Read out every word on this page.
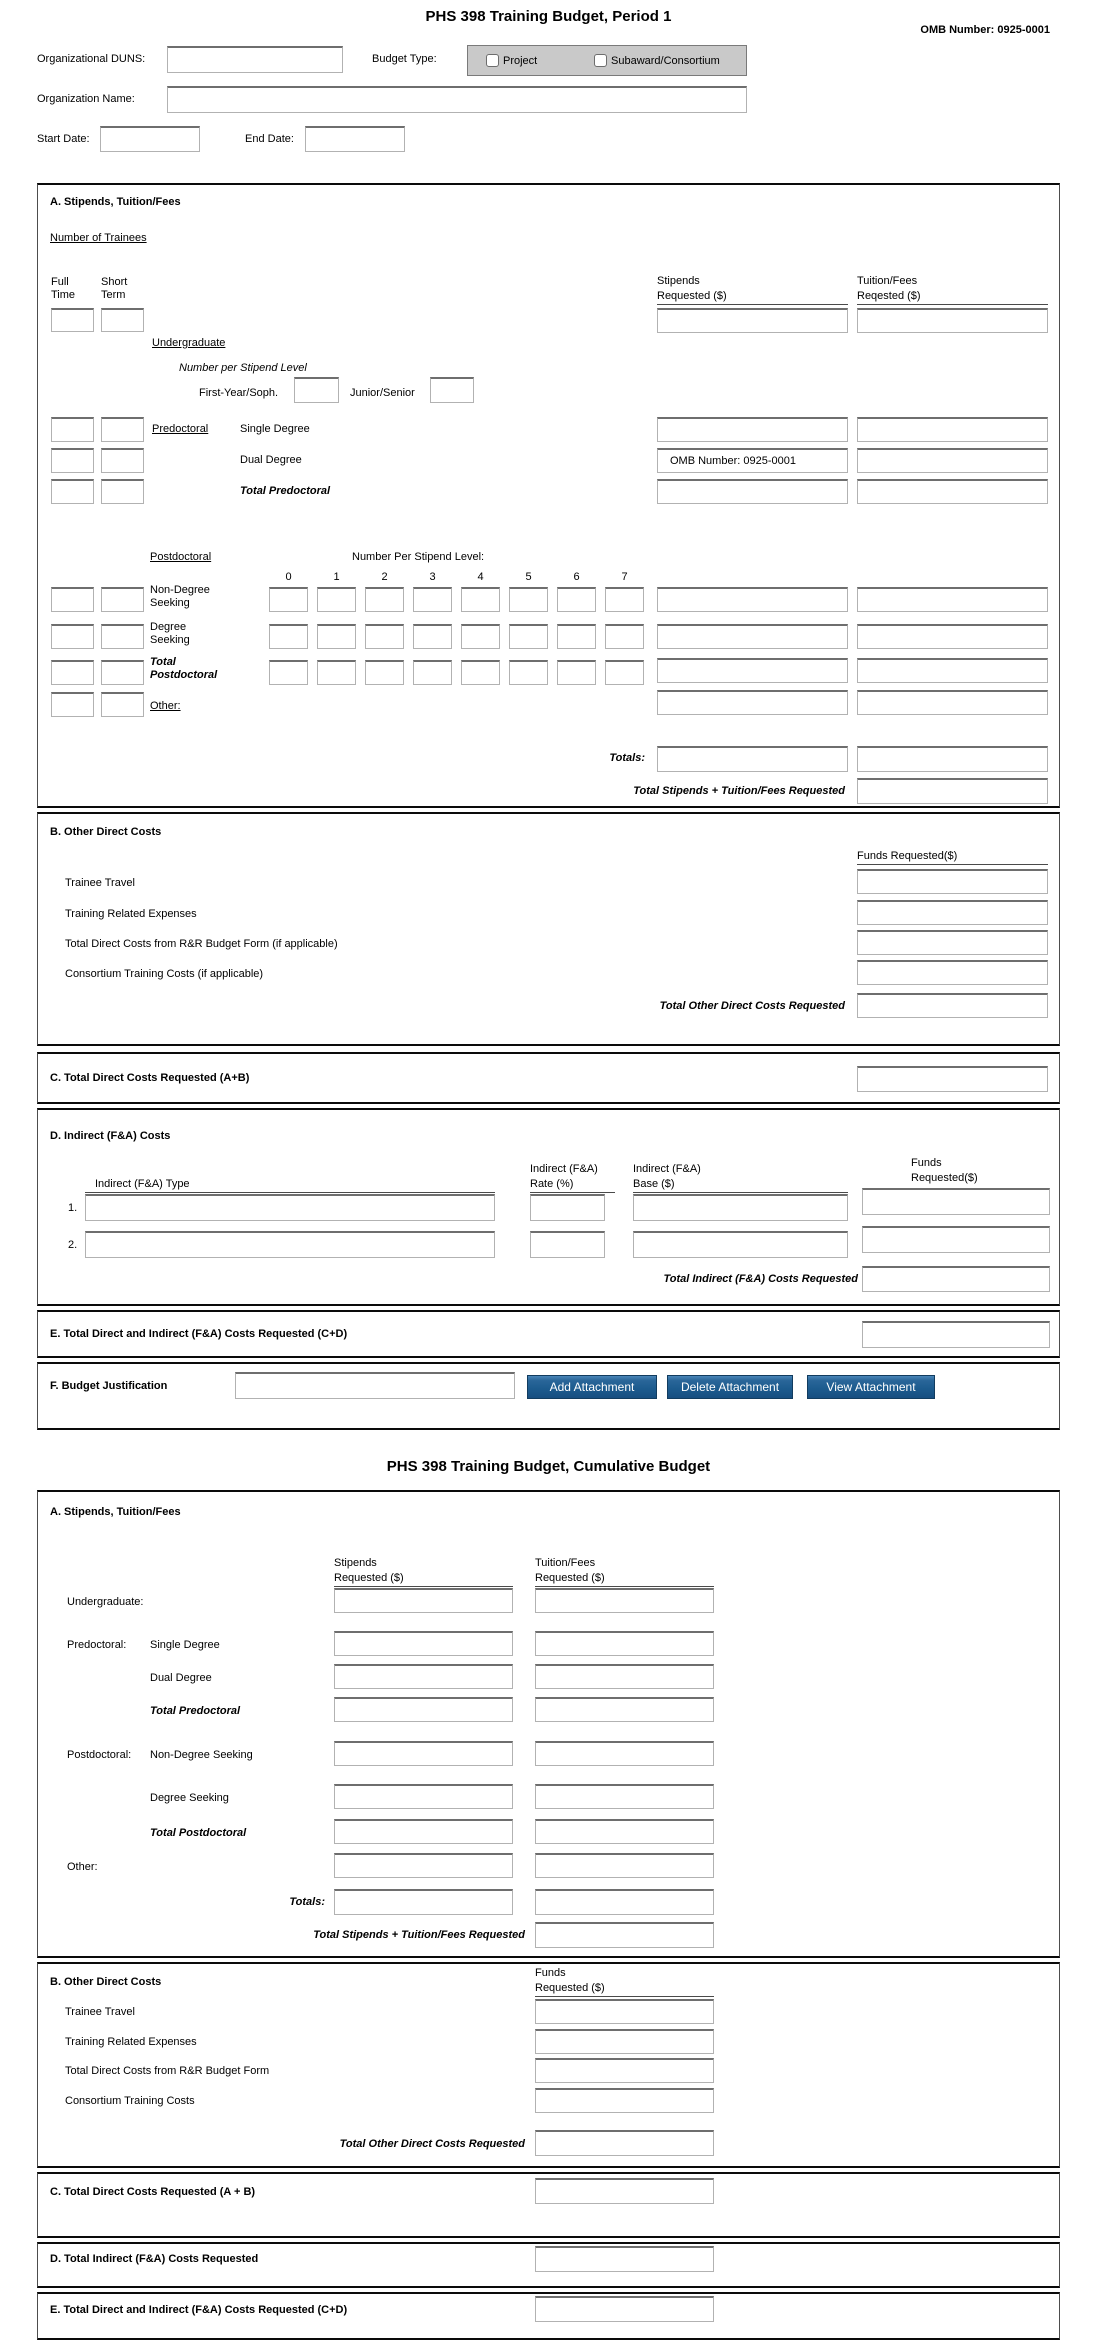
PHS 398 Training Budget, Period 1
OMB Number: 0925-0001
Organizational DUNS:	Budget Type:	Project	Subaward/Consortium
Organization Name:
Start Date:	End Date:
A. Stipends, Tuition/Fees
Number of Trainees
Full Time
Short Term
Stipends
Requested ($)
Tuition/Fees
Reqested ($)
Undergraduate
Number per Stipend Level
First-Year/Soph.	Junior/Senior
Predoctoral	Single Degree
Dual Degree	OMB Number: 0925-0001
Total Predoctoral
Postdoctoral	Number Per Stipend Level:
0	1	2	3	4	5	6	7
Non-Degree Seeking
Degree Seeking
Total Postdoctoral
Other:
Totals:
Total Stipends + Tuition/Fees Requested
B. Other Direct Costs
Funds Requested($)
Trainee Travel
Training Related Expenses
Total Direct Costs from R&R Budget Form (if applicable)
Consortium Training Costs (if applicable)
Total Other Direct Costs Requested
C. Total Direct Costs Requested (A+B)
D. Indirect (F&A) Costs
Indirect (F&A) Type
Indirect (F&A)
Rate (%)
Indirect (F&A)
Base ($)
Funds
Requested($)
1.
2.
Total Indirect (F&A) Costs Requested
E. Total Direct and Indirect (F&A) Costs Requested (C+D)
F. Budget Justification	Add Attachment	Delete Attachment	View Attachment
PHS 398 Training Budget, Cumulative Budget
A. Stipends, Tuition/Fees
Stipends
Requested ($)
Tuition/Fees
Requested ($)
Undergraduate:
Predoctoral: Single Degree
Dual Degree
Total Predoctoral
Postdoctoral: Non-Degree Seeking
Degree Seeking
Total Postdoctoral
Other:
Totals:
Total Stipends + Tuition/Fees Requested
B. Other Direct Costs
Funds
Requested ($)
Trainee Travel
Training Related Expenses
Total Direct Costs from R&R Budget Form
Consortium Training Costs
Total Other Direct Costs Requested
C. Total Direct Costs Requested (A + B)
D. Total Indirect (F&A) Costs Requested
E. Total Direct and Indirect (F&A) Costs Requested (C+D)
